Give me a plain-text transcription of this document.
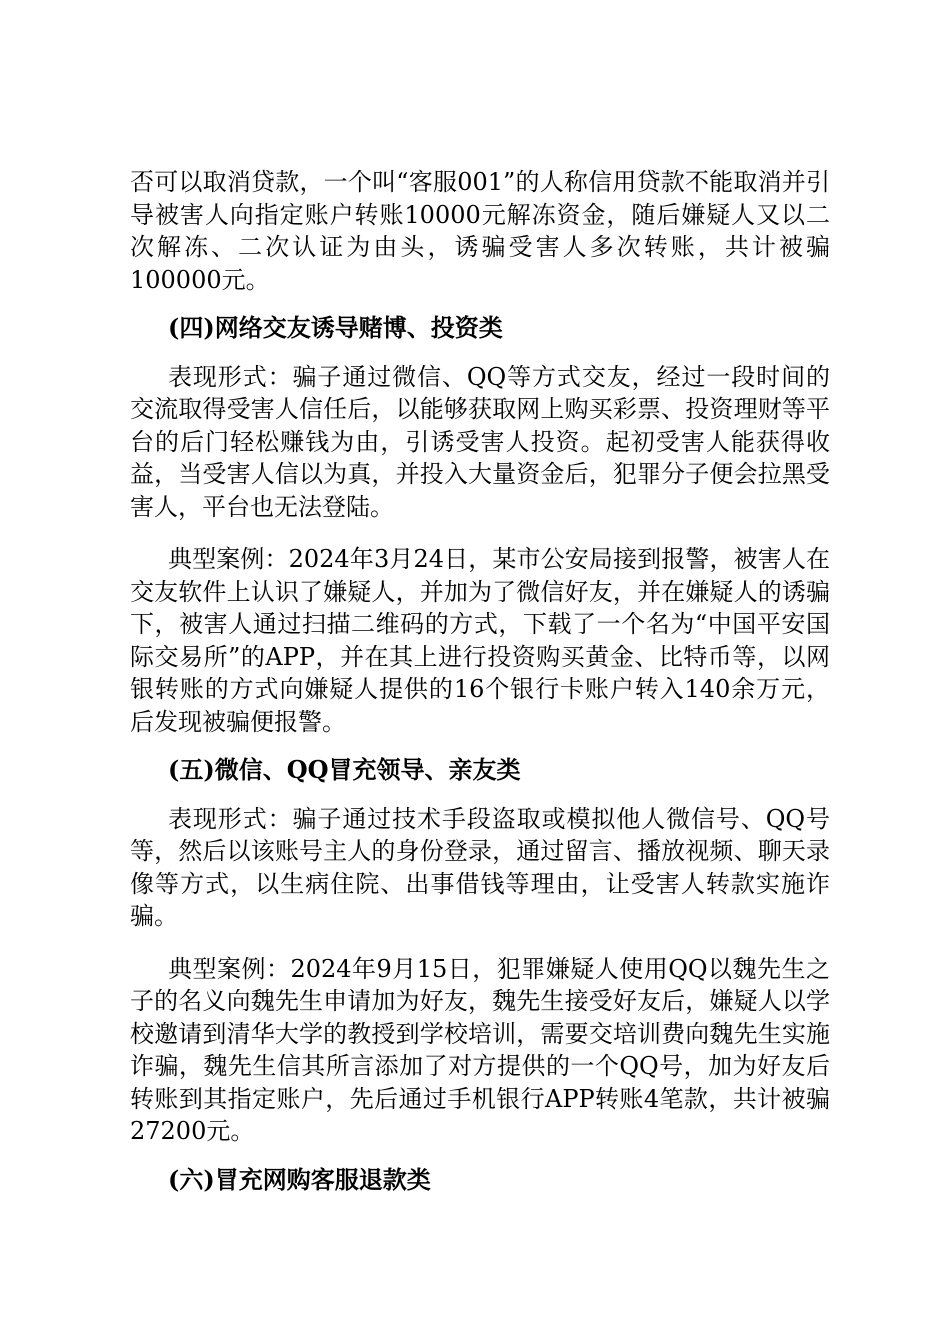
否可以取消贷款，一个叫“客服001”的人称信用贷款不能取消并引导被害人向指定账户转账10000元解冻资金，随后嫌疑人又以二次解冻、二次认证为由头，诱骗受害人多次转账，共计被骗100000元。

(四)网络交友诱导赌博、投资类

表现形式：骗子通过微信、QQ等方式交友，经过一段时间的交流取得受害人信任后，以能够获取网上购买彩票、投资理财等平台的后门轻松赚钱为由，引诱受害人投资。起初受害人能获得收益，当受害人信以为真，并投入大量资金后，犯罪分子便会拉黑受害人，平台也无法登陆。

典型案例：2024年3月24日，某市公安局接到报警，被害人在交友软件上认识了嫌疑人，并加为了微信好友，并在嫌疑人的诱骗下，被害人通过扫描二维码的方式，下载了一个名为“中国平安国际交易所”的APP，并在其上进行投资购买黄金、比特币等，以网银转账的方式向嫌疑人提供的16个银行卡账户转入140余万元，后发现被骗便报警。

(五)微信、QQ冒充领导、亲友类

表现形式：骗子通过技术手段盗取或模拟他人微信号、QQ号等，然后以该账号主人的身份登录，通过留言、播放视频、聊天录像等方式，以生病住院、出事借钱等理由，让受害人转款实施诈骗。

典型案例：2024年9月15日，犯罪嫌疑人使用QQ以魏先生之子的名义向魏先生申请加为好友，魏先生接受好友后，嫌疑人以学校邀请到清华大学的教授到学校培训，需要交培训费向魏先生实施诈骗，魏先生信其所言添加了对方提供的一个QQ号，加为好友后转账到其指定账户，先后通过手机银行APP转账4笔款，共计被骗27200元。

(六)冒充网购客服退款类
